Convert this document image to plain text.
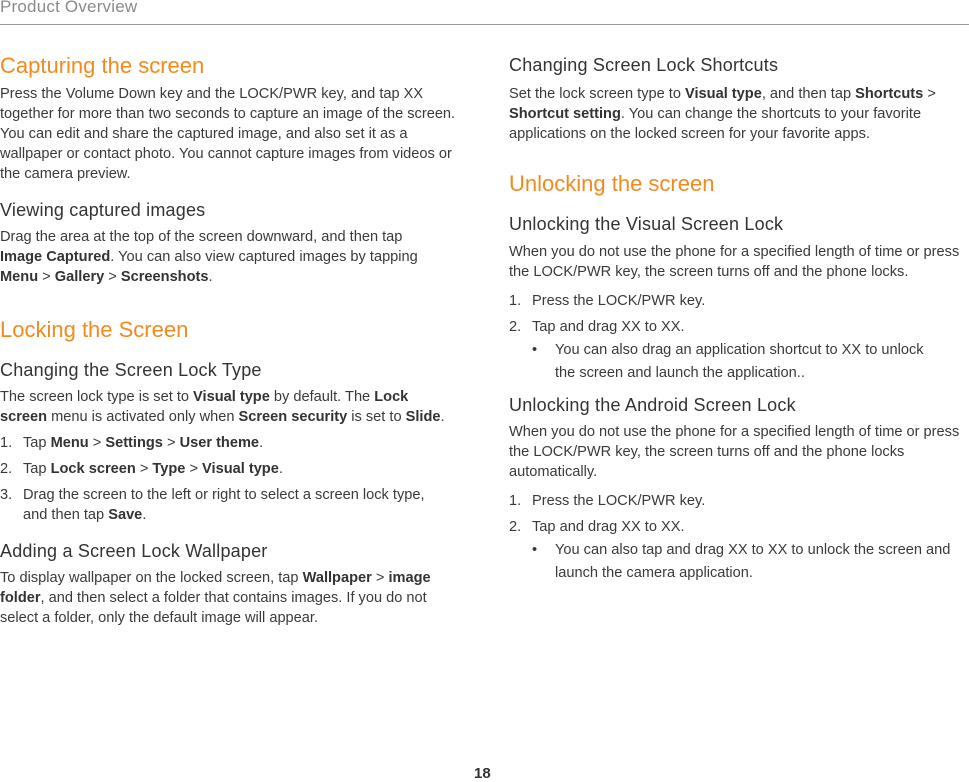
Product Overview
Capturing the screen

Press the Volume Down key and the LOCK/PWR key, and tap XX together for more than two seconds to capture an image of the screen. You can edit and share the captured image, and also set it as a wallpaper or contact photo. You cannot capture images from videos or the camera preview.

Viewing captured images

Drag the area at the top of the screen downward, and then tap Image Captured. You can also view captured images by tapping Menu > Gallery > Screenshots.

Locking the Screen
Changing the Screen Lock Type

The screen lock type is set to Visual type by default. The Lock screen menu is activated only when Screen security is set to Slide.

1. Tap Menu > Settings > User theme.
2. Tap Lock screen > Type > Visual type.
3. Drag the screen to the left or right to select a screen lock type, and then tap Save.
Adding a Screen Lock Wallpaper

To display wallpaper on the locked screen, tap Wallpaper > image folder, and then select a folder that contains images. If you do not select a folder, only the default image will appear.

Changing Screen Lock Shortcuts

Set the lock screen type to Visual type, and then tap Shortcuts > Shortcut setting. You can change the shortcuts to your favorite applications on the locked screen for your favorite apps.

Unlocking the screen
Unlocking the Visual Screen Lock

When you do not use the phone for a specified length of time or press the LOCK/PWR key, the screen turns off and the phone locks.

1. Press the LOCK/PWR key.
2. Tap and drag XX to XX.
• You can also drag an application shortcut to XX to unlock the screen and launch the application..
Unlocking the Android Screen Lock

When you do not use the phone for a specified length of time or press the LOCK/PWR key, the screen turns off and the phone locks automatically.

1. Press the LOCK/PWR key.
2. Tap and drag XX to XX.
• You can also tap and drag XX to XX to unlock the screen and launch the camera application.
18
